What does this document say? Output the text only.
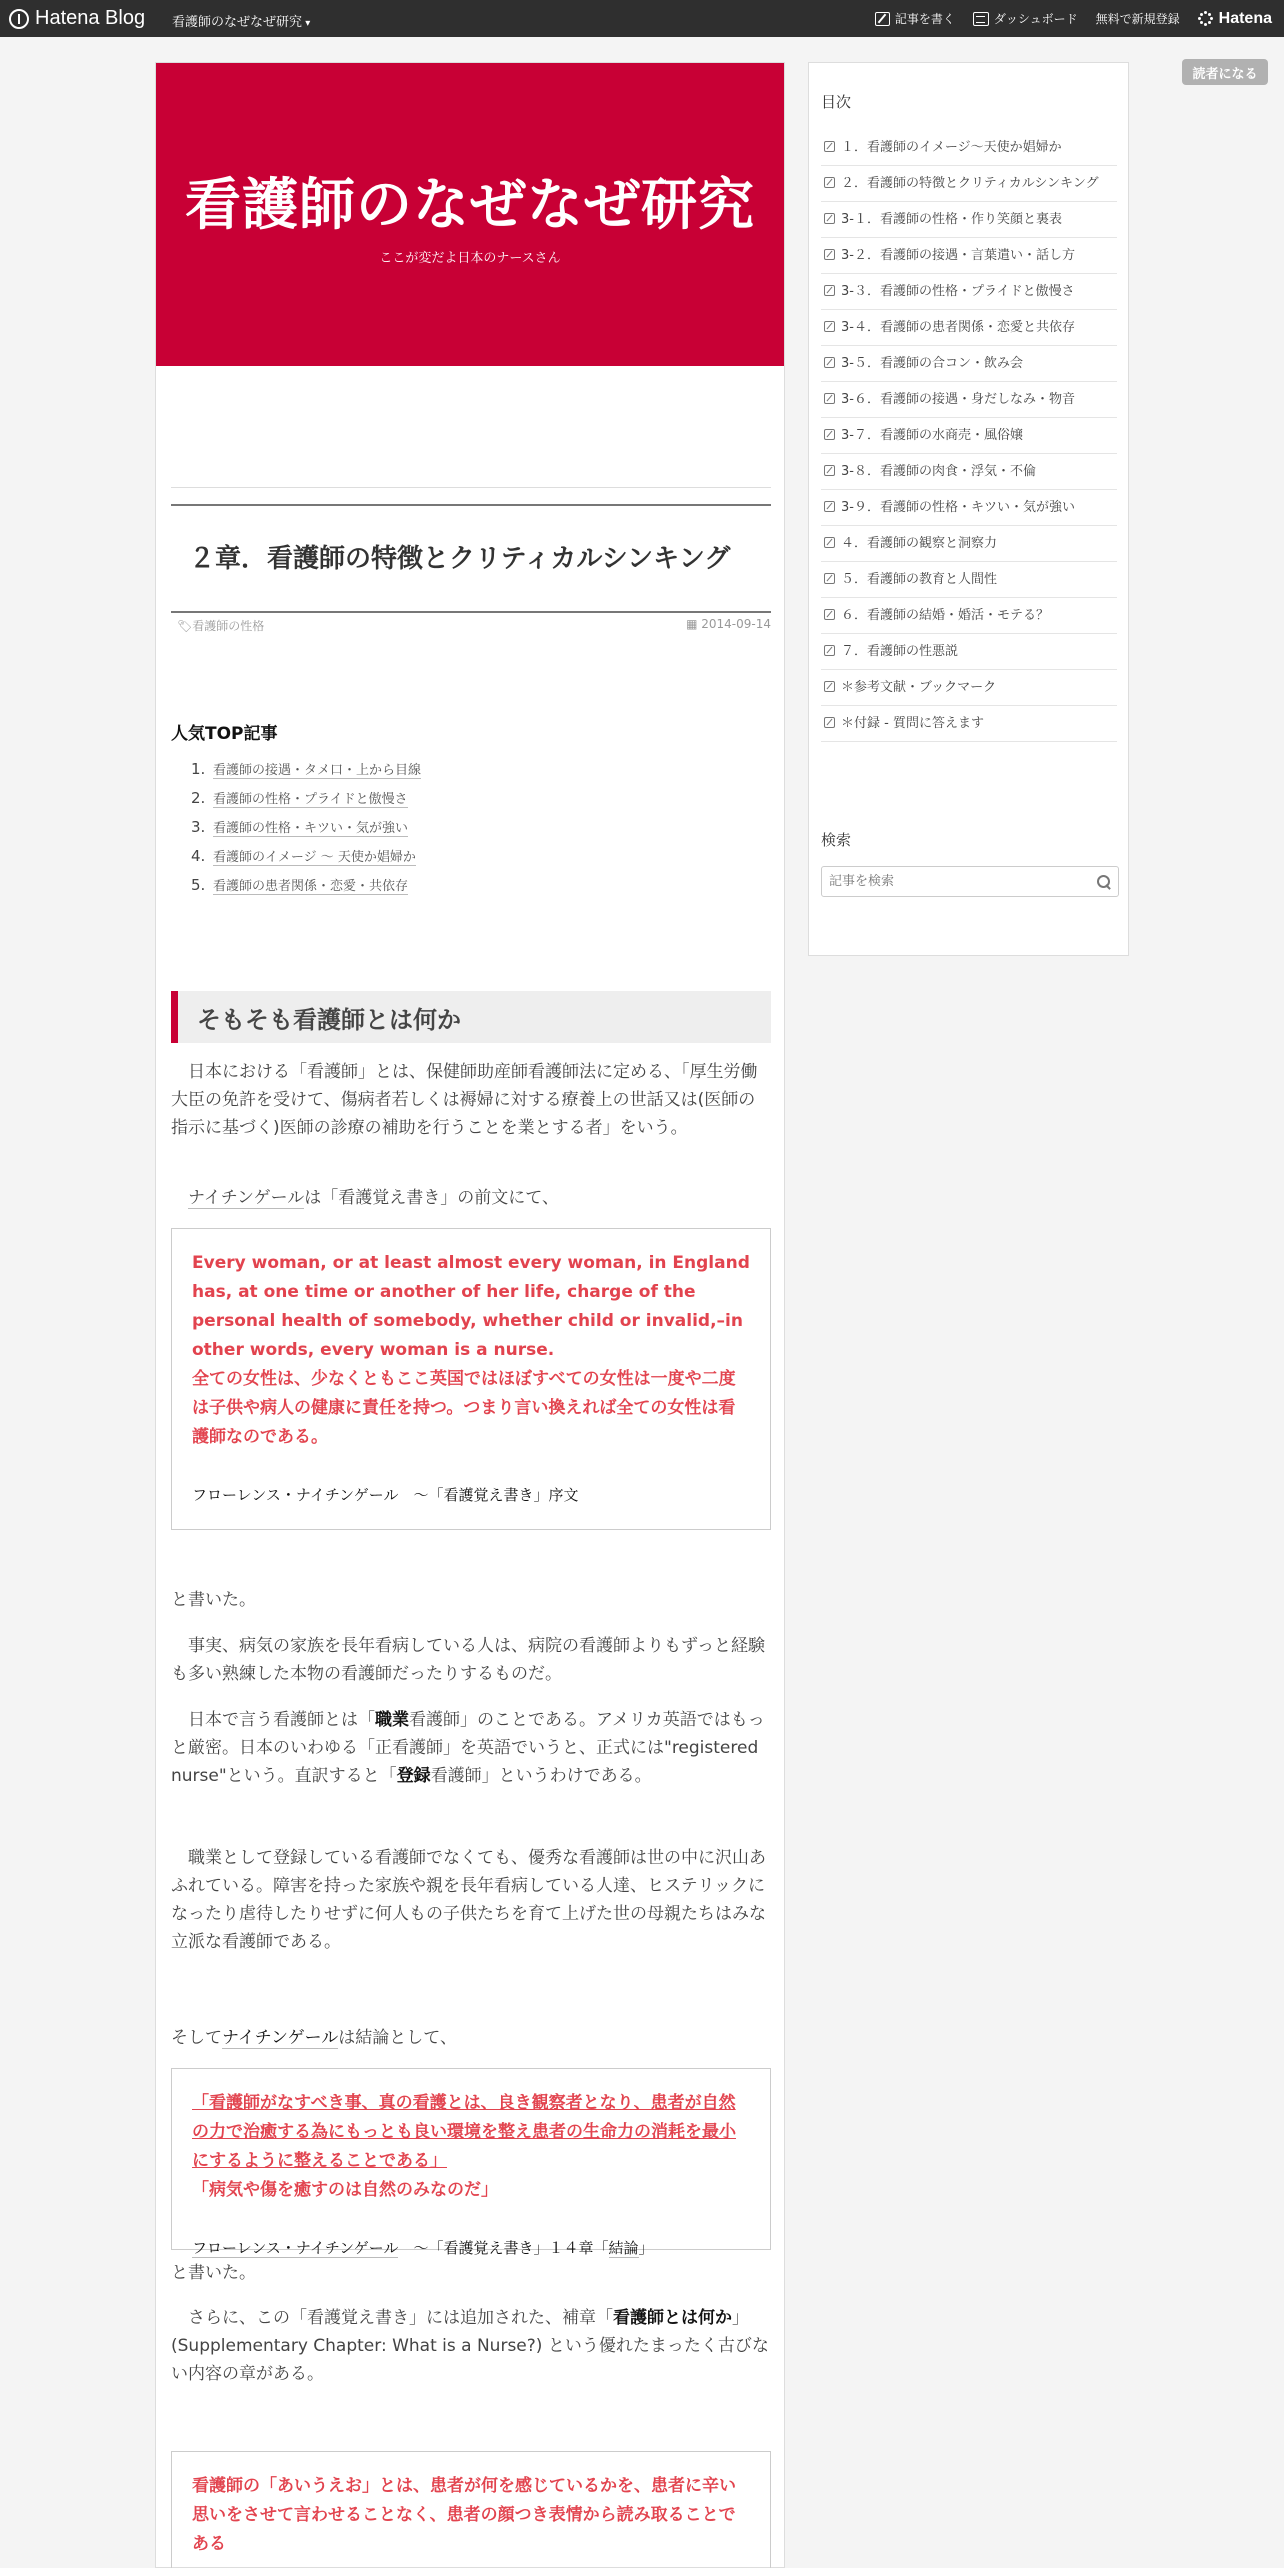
Hatena Blog 看護師のなぜなぜ研究 ▾	記事を書く	ダッシュボード 無料で新規登録 Hatena
読者になる
看護師のなぜなぜ研究
ここが変だよ日本のナースさん
２章．看護師の特徴とクリティカルシンキング
🏷看護師の性格	▦ 2014-09-14
人気TOP記事
1. 看護師の接遇・タメ口・上から目線
2. 看護師の性格・プライドと傲慢さ
3. 看護師の性格・キツい・気が強い
4. 看護師のイメージ 〜 天使か娼婦か
5. 看護師の患者関係・恋愛・共依存
そもそも看護師とは何か

日本における「看護師」とは、保健師助産師看護師法に定める、「厚生労働大臣の免許を受けて、傷病者若しくは褥婦に対する療養上の世話又は(医師の指示に基づく)医師の診療の補助を行うことを業とする者」をいう。

ナイチンゲールは「看護覚え書き」の前文にて、

Every woman, or at least almost every woman, in England has, at one time or another of her life, charge of the personal health of somebody, whether child or invalid,–in other words, every woman is a nurse.
全ての女性は、少なくともここ英国ではほぼすべての女性は一度や二度は子供や病人の健康に責任を持つ。つまり言い換えれば全ての女性は看護師なのである。
フローレンス・ナイチンゲール　〜「看護覚え書き」序文

と書いた。

事実、病気の家族を長年看病している人は、病院の看護師よりもずっと経験も多い熟練した本物の看護師だったりするものだ。

日本で言う看護師とは「職業看護師」のことである。アメリカ英語ではもっと厳密。日本のいわゆる「正看護師」を英語でいうと、正式には"registered nurse"という。直訳すると「登録看護師」というわけである。

職業として登録している看護師でなくても、優秀な看護師は世の中に沢山あふれている。障害を持った家族や親を長年看病している人達、ヒステリックになったり虐待したりせずに何人もの子供たちを育て上げた世の母親たちはみな立派な看護師である。

そしてナイチンゲールは結論として、

「看護師がなすべき事、真の看護とは、良き観察者となり、患者が自然の力で治癒する為にもっとも良い環境を整え患者の生命力の消耗を最小にするように整えることである」
「病気や傷を癒すのは自然のみなのだ」
フローレンス・ナイチンゲール　〜「看護覚え書き」１４章「結論」

と書いた。

さらに、この「看護覚え書き」には追加された、補章「看護師とは何か」(Supplementary Chapter: What is a Nurse?) という優れたまったく古びない内容の章がある。

看護師の「あいうえお」とは、患者が何を感じているかを、患者に辛い思いをさせて言わせることなく、患者の顔つき表情から読み取ることである
目次
１．看護師のイメージ〜天使か娼婦か
２．看護師の特徴とクリティカルシンキング
3-１．看護師の性格・作り笑顔と裏表
3-２．看護師の接遇・言葉遣い・話し方
3-３．看護師の性格・プライドと傲慢さ
3-４．看護師の患者関係・恋愛と共依存
3-５．看護師の合コン・飲み会
3-６．看護師の接遇・身だしなみ・物音
3-７．看護師の水商売・風俗嬢
3-８．看護師の肉食・浮気・不倫
3-９．看護師の性格・キツい・気が強い
４．看護師の観察と洞察力
５．看護師の教育と人間性
６．看護師の結婚・婚活・モテる？
７．看護師の性悪説
＊参考文献・ブックマーク
＊付録 - 質問に答えます
検索
記事を検索
